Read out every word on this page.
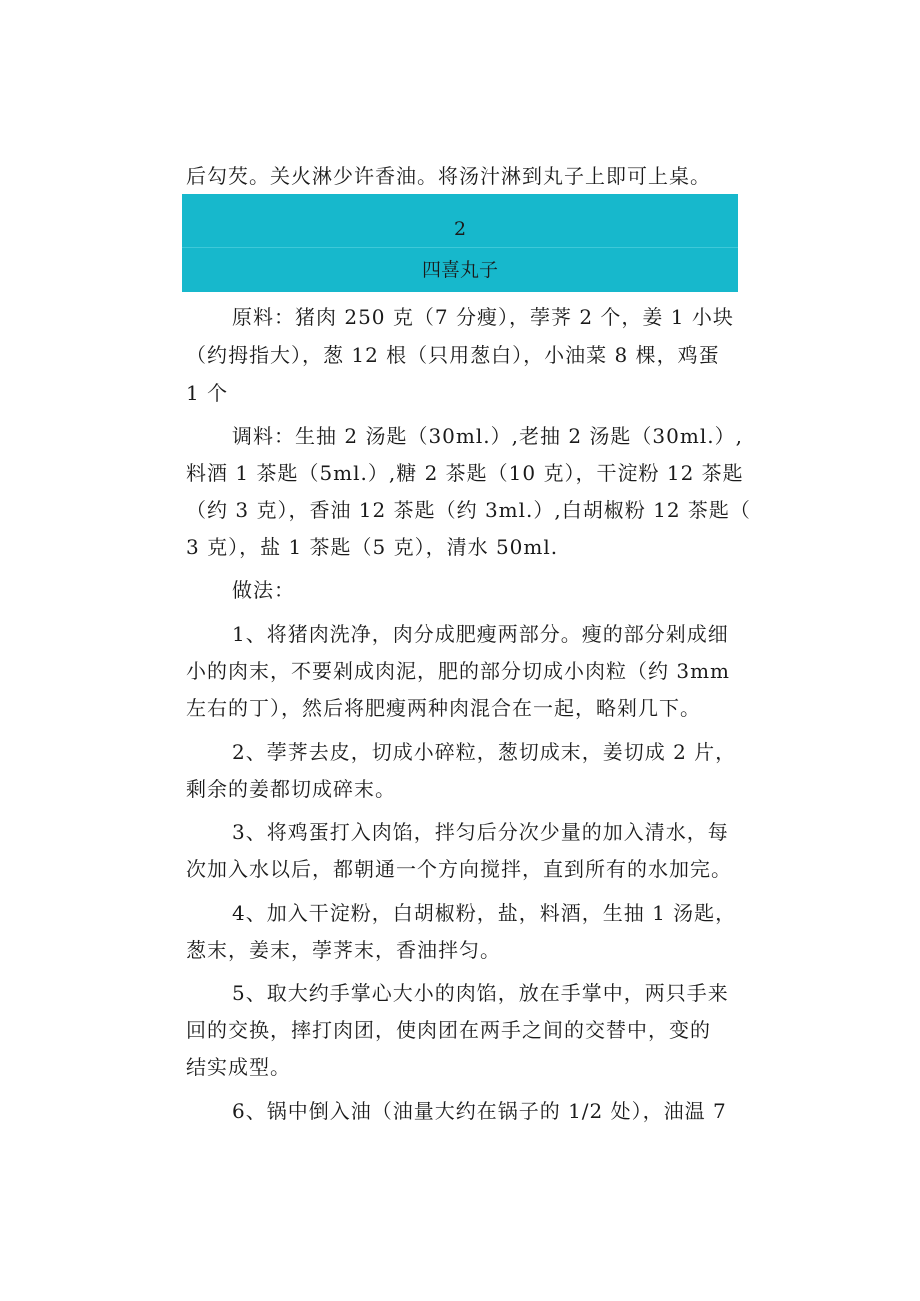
后勾芡。关火淋少许香油。将汤汁淋到丸子上即可上桌。
2
四喜丸子
原料：猪肉 250 克（7 分瘦），荸荠 2 个，姜 1 小块
（约拇指大），葱 12 根（只用葱白），小油菜 8 棵，鸡蛋
1 个
调料：生抽 2 汤匙（30ml.）,老抽 2 汤匙（30ml.）,
料酒 1 茶匙（5ml.）,糖 2 茶匙（10 克），干淀粉 12 茶匙
（约 3 克），香油 12 茶匙（约 3ml.）,白胡椒粉 12 茶匙（
3 克），盐 1 茶匙（5 克），清水 50ml.
做法：
1、将猪肉洗净，肉分成肥瘦两部分。瘦的部分剁成细
小的肉末，不要剁成肉泥，肥的部分切成小肉粒（约 3mm
左右的丁），然后将肥瘦两种肉混合在一起，略剁几下。
2、荸荠去皮，切成小碎粒，葱切成末，姜切成 2 片，
剩余的姜都切成碎末。
3、将鸡蛋打入肉馅，拌匀后分次少量的加入清水，每
次加入水以后，都朝通一个方向搅拌，直到所有的水加完。
4、加入干淀粉，白胡椒粉，盐，料酒，生抽 1 汤匙，
葱末，姜末，荸荠末，香油拌匀。
5、取大约手掌心大小的肉馅，放在手掌中，两只手来
回的交换，摔打肉团，使肉团在两手之间的交替中，变的
结实成型。
6、锅中倒入油（油量大约在锅子的 1/2 处），油温 7
